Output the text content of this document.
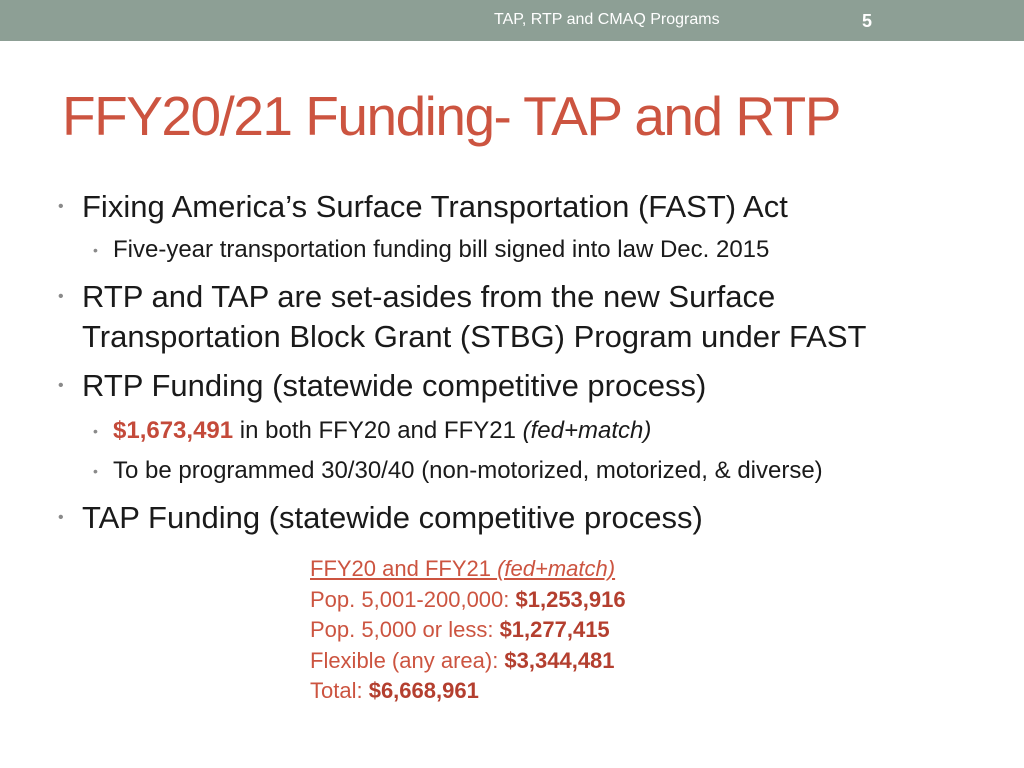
TAP, RTP and CMAQ Programs	5
FFY20/21 Funding- TAP and RTP
• Fixing America’s Surface Transportation (FAST) Act
• Five-year transportation funding bill signed into law Dec. 2015
• RTP and TAP are set-asides from the new Surface
Transportation Block Grant (STBG) Program under FAST
• RTP Funding (statewide competitive process)
• $1,673,491 in both FFY20 and FFY21 (fed+match)
• To be programmed 30/30/40 (non-motorized, motorized, & diverse)
• TAP Funding (statewide competitive process)
FFY20 and FFY21 (fed+match)
Pop. 5,001-200,000: $1,253,916
Pop. 5,000 or less: $1,277,415
Flexible (any area): $3,344,481
Total: $6,668,961
